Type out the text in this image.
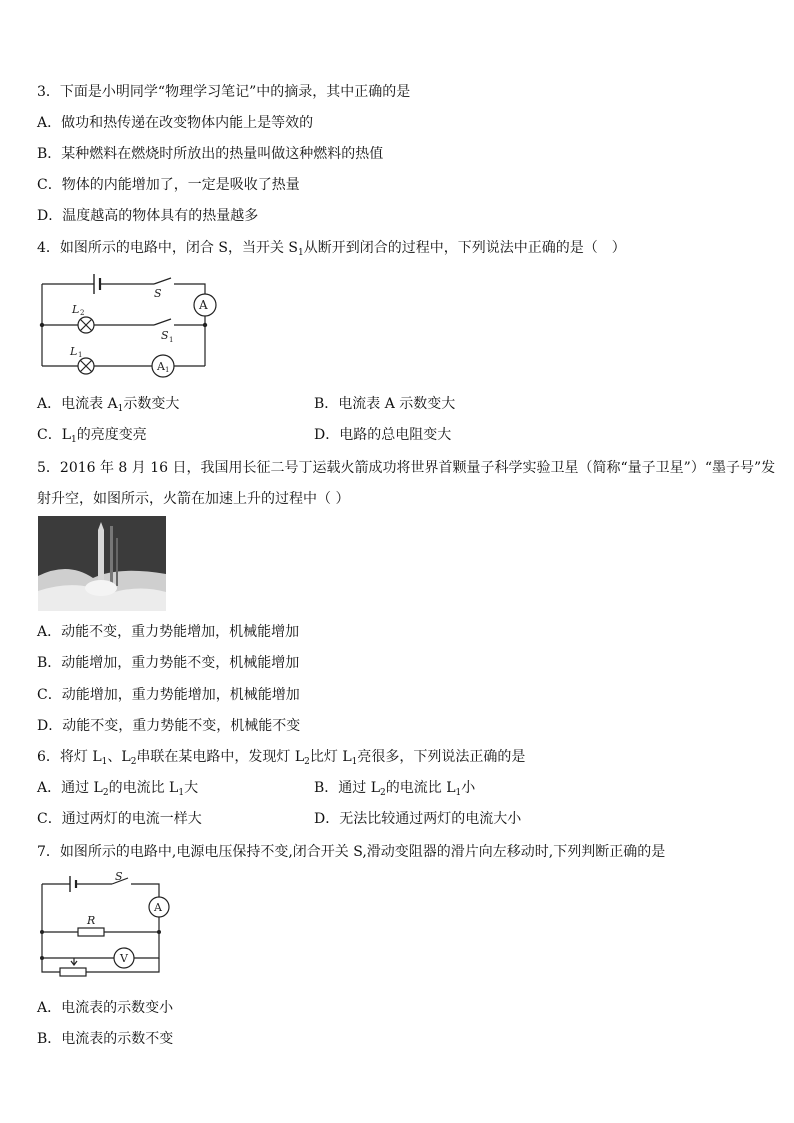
3．下面是小明同学“物理学习笔记”中的摘录，其中正确的是
A．做功和热传递在改变物体内能上是等效的
B．某种燃料在燃烧时所放出的热量叫做这种燃料的热值
C．物体的内能增加了，一定是吸收了热量
D．温度越高的物体具有的热量越多
4．如图所示的电路中，闭合 S，当开关 $S_1$从断开到闭合的过程中，下列说法中正确的是（　）
S
A
L 2
S 1
L 1
A 1
A．电流表 $A_1$示数变大	B．电流表 A 示数变大
C．$L_1$的亮度变亮	D．电路的总电阻变大
5．2016 年 8 月 16 日，我国用长征二号丁运载火箭成功将世界首颗量子科学实验卫星（简称“量子卫星”）“墨子号”发
射升空，如图所示，火箭在加速上升的过程中（ ）
A．动能不变，重力势能增加，机械能增加
B．动能增加，重力势能不变，机械能增加
C．动能增加，重力势能增加，机械能增加
D．动能不变，重力势能不变，机械能不变
6．将灯 $L_1$、$L_2$串联在某电路中，发现灯 $L_2$比灯 $L_1$亮很多，下列说法正确的是
A．通过 $L_2$的电流比 $L_1$大	B．通过 $L_2$的电流比 $L_1$小
C．通过两灯的电流一样大	D．无法比较通过两灯的电流大小
7．如图所示的电路中,电源电压保持不变,闭合开关 S,滑动变阻器的滑片向左移动时,下列判断正确的是
S
A
R
V
A．电流表的示数变小
B．电流表的示数不变
